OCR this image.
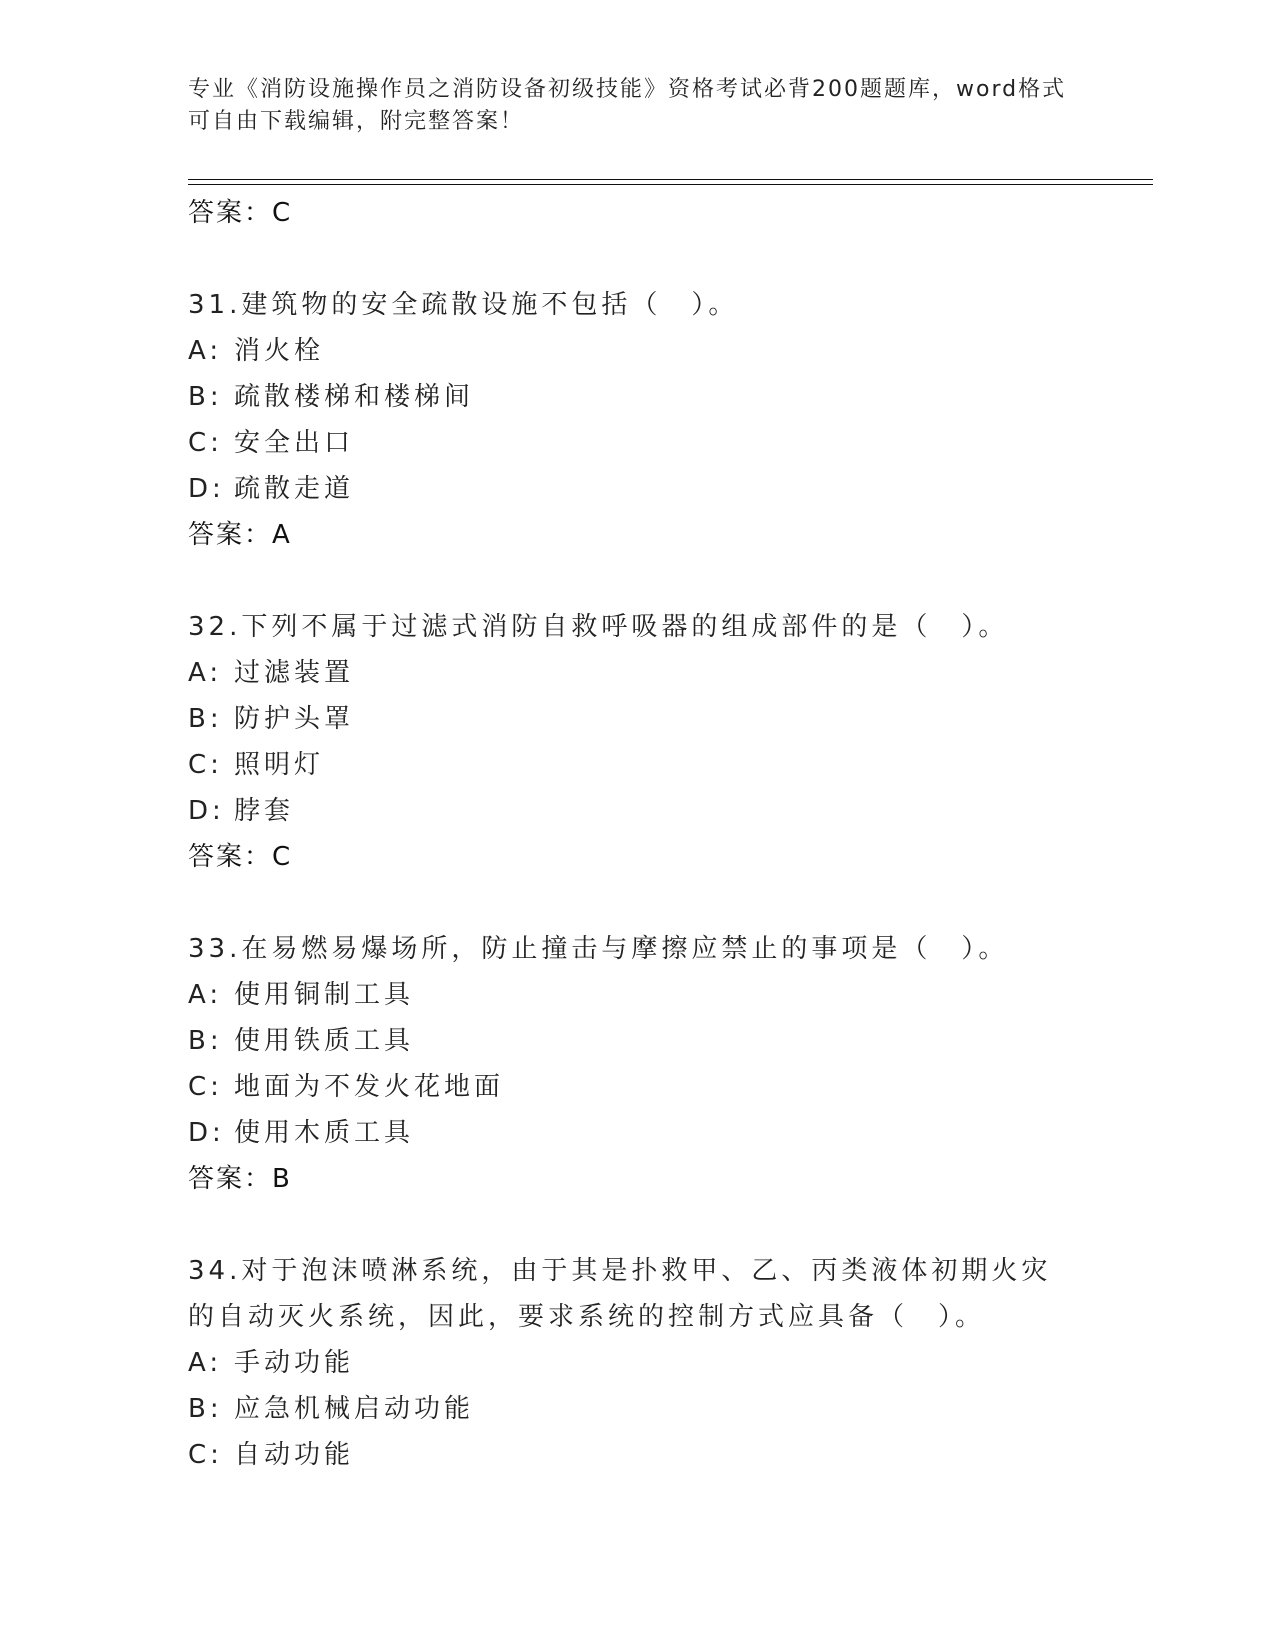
专业《消防设施操作员之消防设备初级技能》资格考试必背200题题库，word格式可自由下载编辑，附完整答案！
答案：C
31.建筑物的安全疏散设施不包括（　）。
A: 消火栓
B: 疏散楼梯和楼梯间
C: 安全出口
D: 疏散走道
答案：A
32.下列不属于过滤式消防自救呼吸器的组成部件的是（　）。
A: 过滤装置
B: 防护头罩
C: 照明灯
D: 脖套
答案：C
33.在易燃易爆场所，防止撞击与摩擦应禁止的事项是（　）。
A: 使用铜制工具
B: 使用铁质工具
C: 地面为不发火花地面
D: 使用木质工具
答案：B
34.对于泡沫喷淋系统，由于其是扑救甲、乙、丙类液体初期火灾的自动灭火系统，因此，要求系统的控制方式应具备（　）。
A: 手动功能
B: 应急机械启动功能
C: 自动功能
